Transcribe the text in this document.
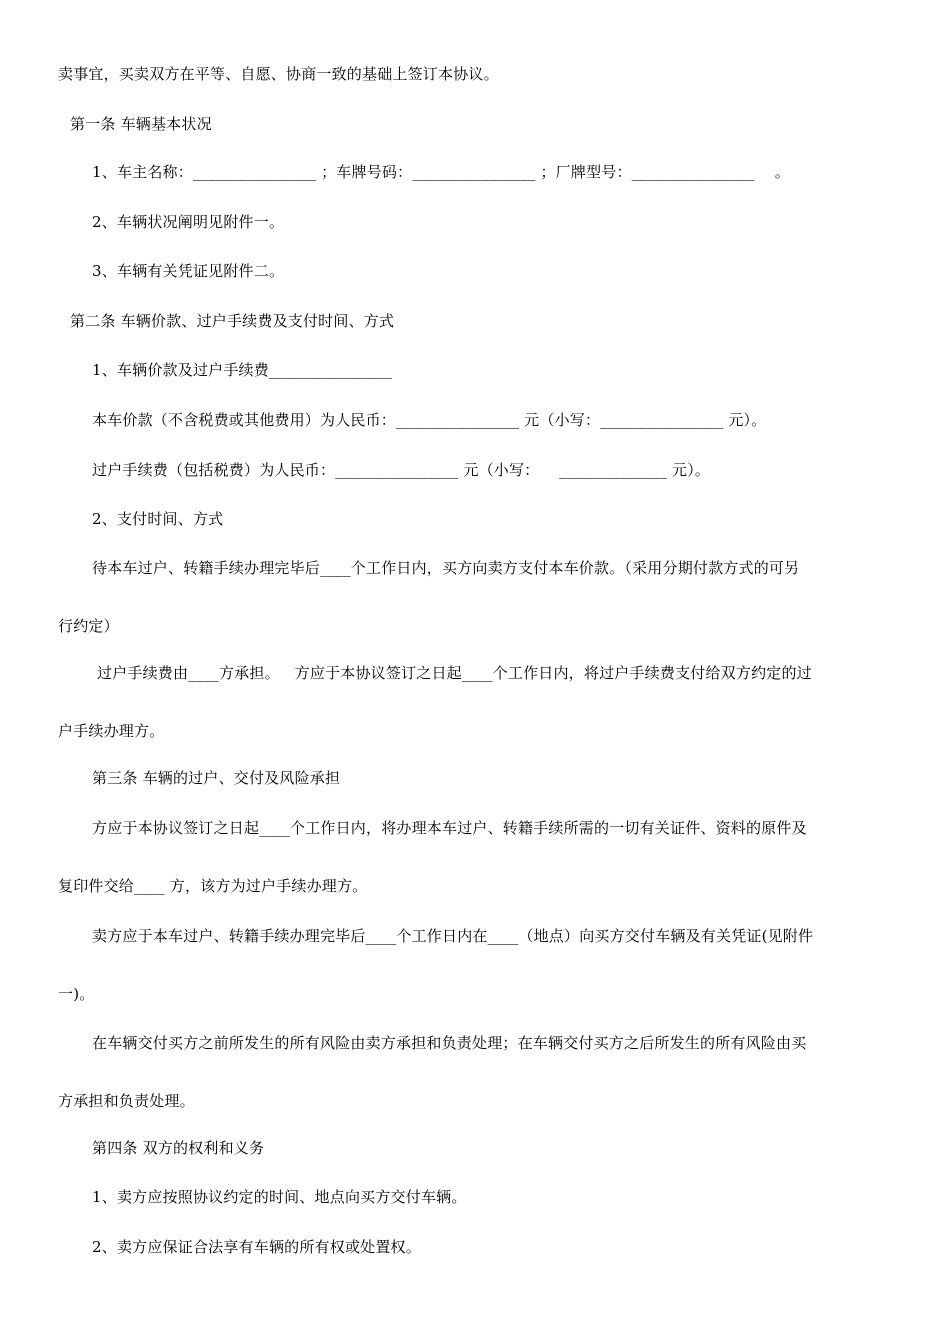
卖事宜，买卖双方在平等、自愿、协商一致的基础上签订本协议。
第一条 车辆基本状况
1、车主名称：________________ ；车牌号码：________________ ；厂牌型号：________________    。
2、车辆状况阐明见附件一。
3、车辆有关凭证见附件二。
第二条 车辆价款、过户手续费及支付时间、方式
1、车辆价款及过户手续费________________
本车价款（不含税费或其他费用）为人民币：________________ 元（小写：________________ 元）。
过户手续费（包括税费）为人民币：________________ 元（小写：    ______________ 元）。
2、支付时间、方式
待本车过户、转籍手续办理完毕后____个工作日内，买方向卖方支付本车价款。（采用分期付款方式的可另
行约定）
过户手续费由____方承担。   方应于本协议签订之日起____个工作日内，将过户手续费支付给双方约定的过
户手续办理方。
第三条 车辆的过户、交付及风险承担
方应于本协议签订之日起____个工作日内，将办理本车过户、转籍手续所需的一切有关证件、资料的原件及
复印件交给____ 方，该方为过户手续办理方。
卖方应于本车过户、转籍手续办理完毕后____个工作日内在____（地点）向买方交付车辆及有关凭证(见附件
一)。
在车辆交付买方之前所发生的所有风险由卖方承担和负责处理；在车辆交付买方之后所发生的所有风险由买
方承担和负责处理。
第四条 双方的权利和义务
1、卖方应按照协议约定的时间、地点向买方交付车辆。
2、卖方应保证合法享有车辆的所有权或处置权。
